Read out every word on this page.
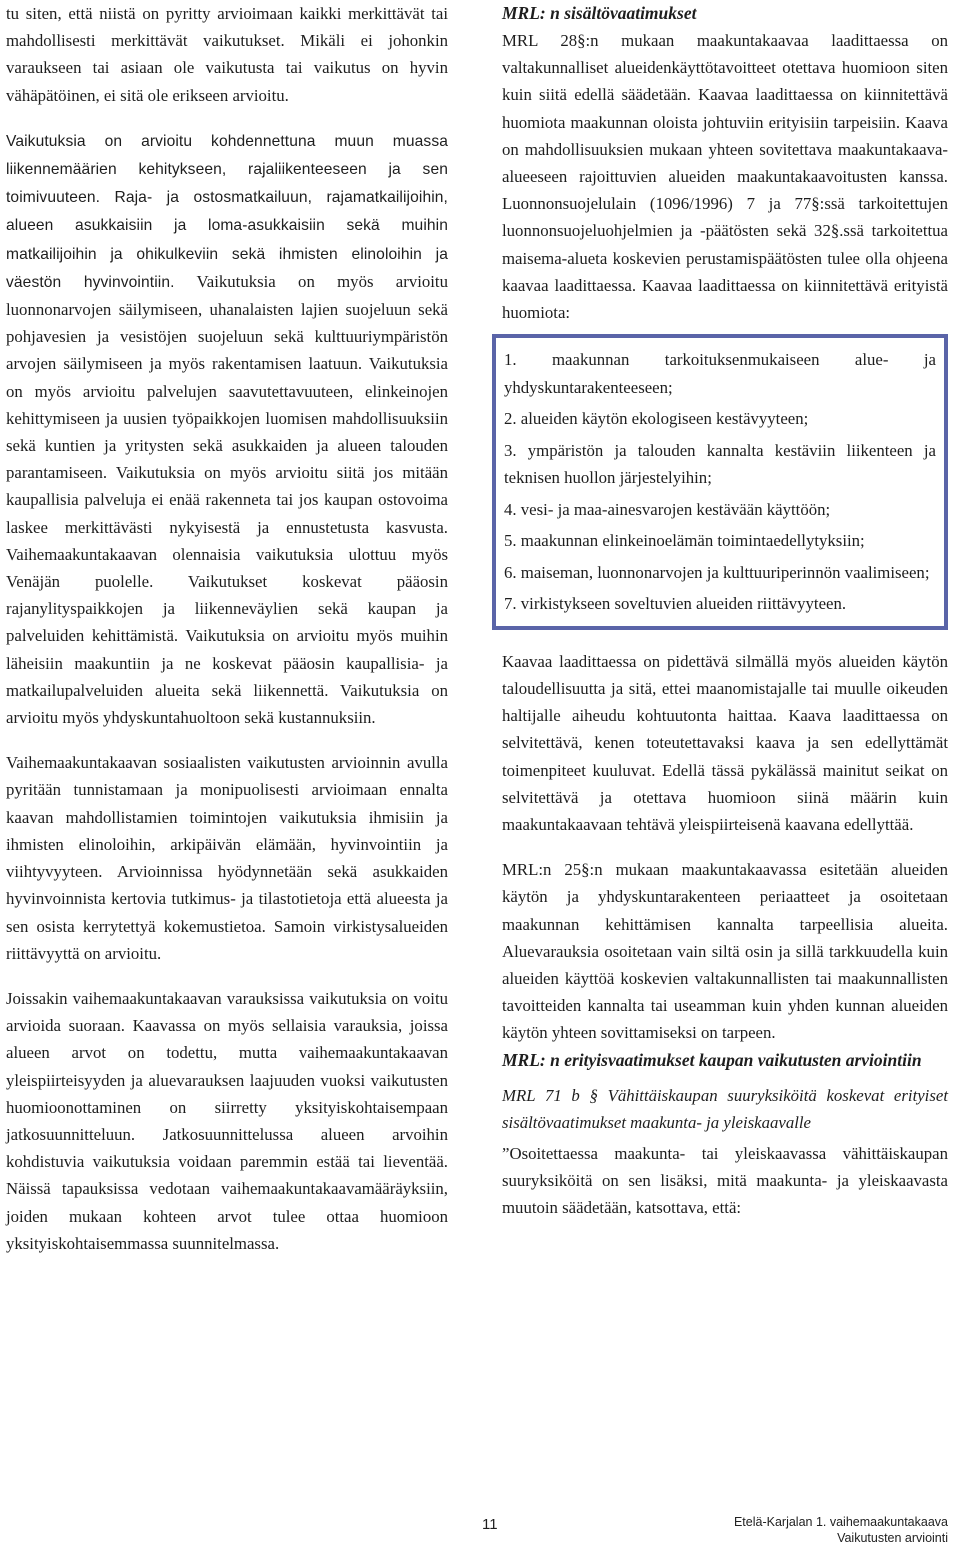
tu siten, että niistä on pyritty arvioimaan kaikki merkittävät tai mahdollisesti merkittävät vaikutukset. Mikäli ei johonkin varaukseen tai asiaan ole vaikutusta tai vaikutus on hyvin vähäpätöinen, ei sitä ole erikseen arvioitu.

Vaikutuksia on arvioitu kohdennettuna muun muassa liikennemäärien kehitykseen, rajaliikenteeseen ja sen toimivuuteen. Raja- ja ostosmatkailuun, rajamatkailijoihin, alueen asukkaisiin ja loma-asukkaisiin sekä muihin matkailijoihin ja ohikulkeviin sekä ihmisten elinoloihin ja väestön hyvinvointiin. Vaikutuksia on myös arvioitu luonnonarvojen säilymiseen, uhanalaisten lajien suojeluun sekä pohjavesien ja vesistöjen suojeluun sekä kulttuuriympäristön arvojen säilymiseen ja myös rakentamisen laatuun. Vaikutuksia on myös arvioitu palvelujen saavutettavuuteen, elinkeinojen kehittymiseen ja uusien työpaikkojen luomisen mahdollisuuksiin sekä kuntien ja yritysten sekä asukkaiden ja alueen talouden parantamiseen. Vaikutuksia on myös arvioitu siitä jos mitään kaupallisia palveluja ei enää rakenneta tai jos kaupan ostovoima laskee merkittävästi nykyisestä ja ennustetusta kasvusta. Vaihemaakuntakaavan olennaisia vaikutuksia ulottuu myös Venäjän puolelle. Vaikutukset koskevat pääosin rajanylityspaikkojen ja liikenneväylien sekä kaupan ja palveluiden kehittämistä. Vaikutuksia on arvioitu myös muihin läheisiin maakuntiin ja ne koskevat pääosin kaupallisia- ja matkailupalveluiden alueita sekä liikennettä. Vaikutuksia on arvioitu myös yhdyskuntahuoltoon sekä kustannuksiin.

Vaihemaakuntakaavan sosiaalisten vaikutusten arvioinnin avulla pyritään tunnistamaan ja monipuolisesti arvioimaan ennalta kaavan mahdollistamien toimintojen vaikutuksia ihmisiin ja ihmisten elinoloihin, arkipäivän elämään, hyvinvointiin ja viihtyvyyteen. Arvioinnissa hyödynnetään sekä asukkaiden hyvinvoinnista kertovia tutkimus- ja tilastotietoja että alueesta ja sen osista kerrytettyä kokemustietoa. Samoin virkistysalueiden riittävyyttä on arvioitu.

Joissakin vaihemaakuntakaavan varauksissa vaikutuksia on voitu arvioida suoraan. Kaavassa on myös sellaisia varauksia, joissa alueen arvot on todettu, mutta vaihemaakuntakaavan yleispiirteisyyden ja aluevarauksen laajuuden vuoksi vaikutusten huomioonottaminen on siirretty yksityiskohtaisempaan jatkosuunnitteluun. Jatkosuunnittelussa alueen arvoihin kohdistuvia vaikutuksia voidaan paremmin estää tai lieventää. Näissä tapauksissa vedotaan vaihemaakuntakaavamääräyksiin, joiden mukaan kohteen arvot tulee ottaa huomioon yksityiskohtaisemmassa suunnitelmassa.

MRL: n sisältövaatimukset

MRL 28§:n mukaan maakuntakaavaa laadittaessa on valtakunnalliset alueidenkäyttötavoitteet otettava huomioon siten kuin siitä edellä säädetään. Kaavaa laadittaessa on kiinnitettävä huomiota maakunnan oloista johtuviin erityisiin tarpeisiin. Kaava on mahdollisuuksien mukaan yhteen sovitettava maakuntakaava-alueeseen rajoittuvien alueiden maakuntakaavoitusten kanssa. Luonnonsuojelulain (1096/1996) 7 ja 77§:ssä tarkoitettujen luonnonsuojeluohjelmien ja -päätösten sekä 32§.ssä tarkoitettua maisema-alueta koskevien perustamispäätösten tulee olla ohjeena kaavaa laadittaessa. Kaavaa laadittaessa on kiinnitettävä erityistä huomiota:

1. maakunnan tarkoituksenmukaiseen alue- ja yhdyskuntarakenteeseen;
2. alueiden käytön ekologiseen kestävyyteen;
3. ympäristön ja talouden kannalta kestäviin liikenteen ja teknisen huollon järjestelyihin;
4. vesi- ja maa-ainesvarojen kestävään käyttöön;
5. maakunnan elinkeinoelämän toimintaedellytyksiin;
6. maiseman, luonnonarvojen ja kulttuuriperinnön vaalimiseen;
7. virkistykseen soveltuvien alueiden riittävyyteen.

Kaavaa laadittaessa on pidettävä silmällä myös alueiden käytön taloudellisuutta ja sitä, ettei maanomistajalle tai muulle oikeuden haltijalle aiheudu kohtuutonta haittaa. Kaava laadittaessa on selvitettävä, kenen toteutettavaksi kaava ja sen edellyttämät toimenpiteet kuuluvat. Edellä tässä pykälässä mainitut seikat on selvitettävä ja otettava huomioon siinä määrin kuin maakuntakaavaan tehtävä yleispiirteisenä kaavana edellyttää.

MRL:n 25§:n mukaan maakuntakaavassa esitetään alueiden käytön ja yhdyskuntarakenteen periaatteet ja osoitetaan maakunnan kehittämisen kannalta tarpeellisia alueita. Aluevarauksia osoitetaan vain siltä osin ja sillä tarkkuudella kuin alueiden käyttöä koskevien valtakunnallisten tai maakunnallisten tavoitteiden kannalta tai useamman kuin yhden kunnan alueiden käytön yhteen sovittamiseksi on tarpeen.

MRL: n erityisvaatimukset kaupan vaikutusten arviointiin

MRL 71 b § Vähittäiskaupan suuryksiköitä koskevat erityiset sisältövaatimukset maakunta- ja yleiskaavalle

”Osoitettaessa maakunta- tai yleiskaavassa vähittäiskaupan suuryksiköitä on sen lisäksi, mitä maakunta- ja yleiskaavasta muutoin säädetään, katsottava, että:

11	Etelä-Karjalan 1. vaihemaakuntakaava
Vaikutusten arviointi
